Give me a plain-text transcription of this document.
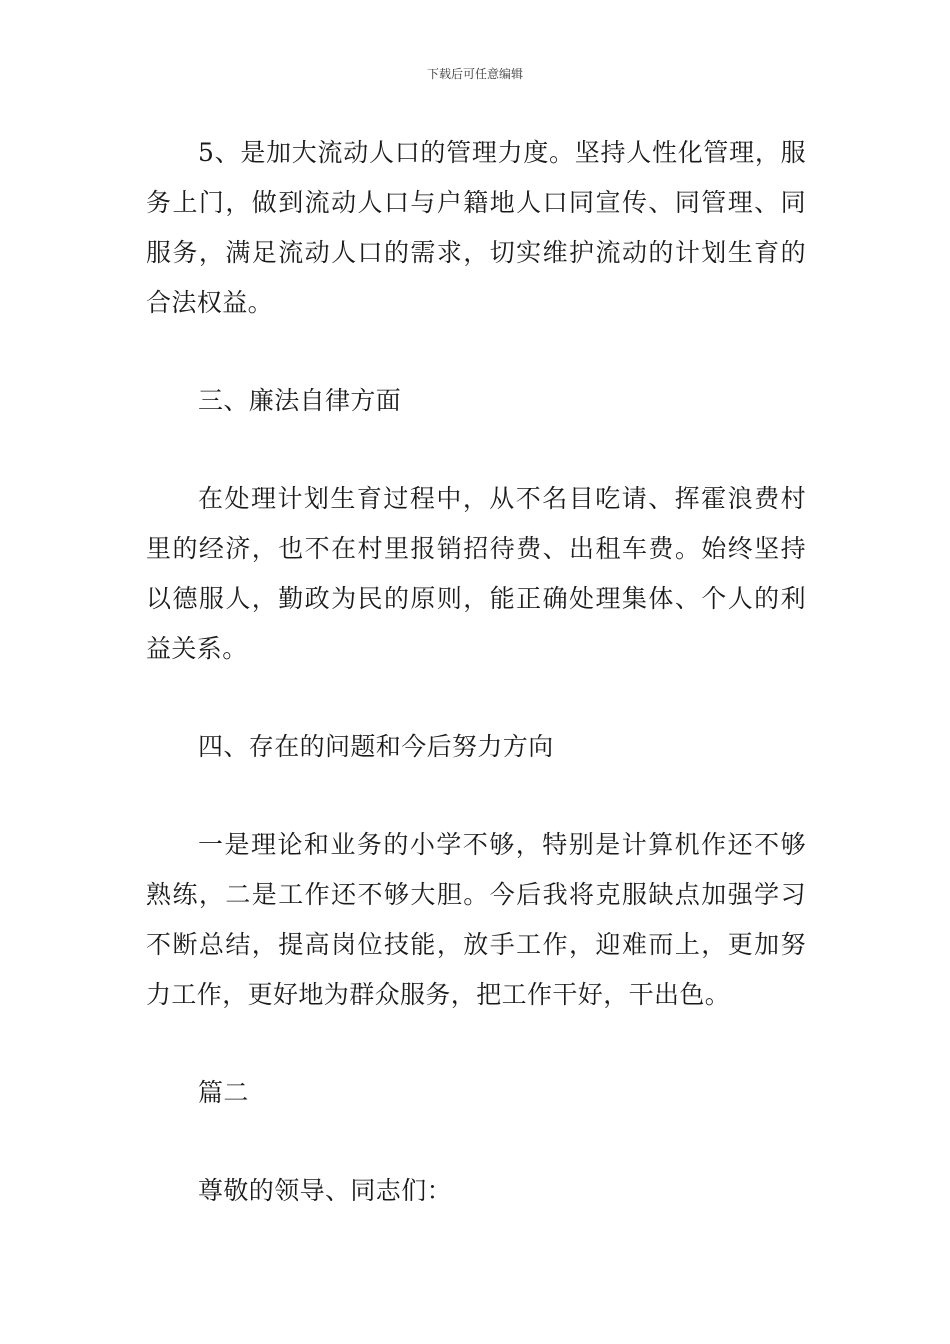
下载后可任意编辑

5、是加大流动人口的管理力度。坚持人性化管理，服务上门，做到流动人口与户籍地人口同宣传、同管理、同服务，满足流动人口的需求，切实维护流动的计划生育的合法权益。

三、廉法自律方面

在处理计划生育过程中，从不名目吃请、挥霍浪费村里的经济，也不在村里报销招待费、出租车费。始终坚持以德服人，勤政为民的原则，能正确处理集体、个人的利益关系。

四、存在的问题和今后努力方向

一是理论和业务的小学不够，特别是计算机作还不够熟练，二是工作还不够大胆。今后我将克服缺点加强学习不断总结，提高岗位技能，放手工作，迎难而上，更加努力工作，更好地为群众服务，把工作干好，干出色。

篇二

尊敬的领导、同志们：
